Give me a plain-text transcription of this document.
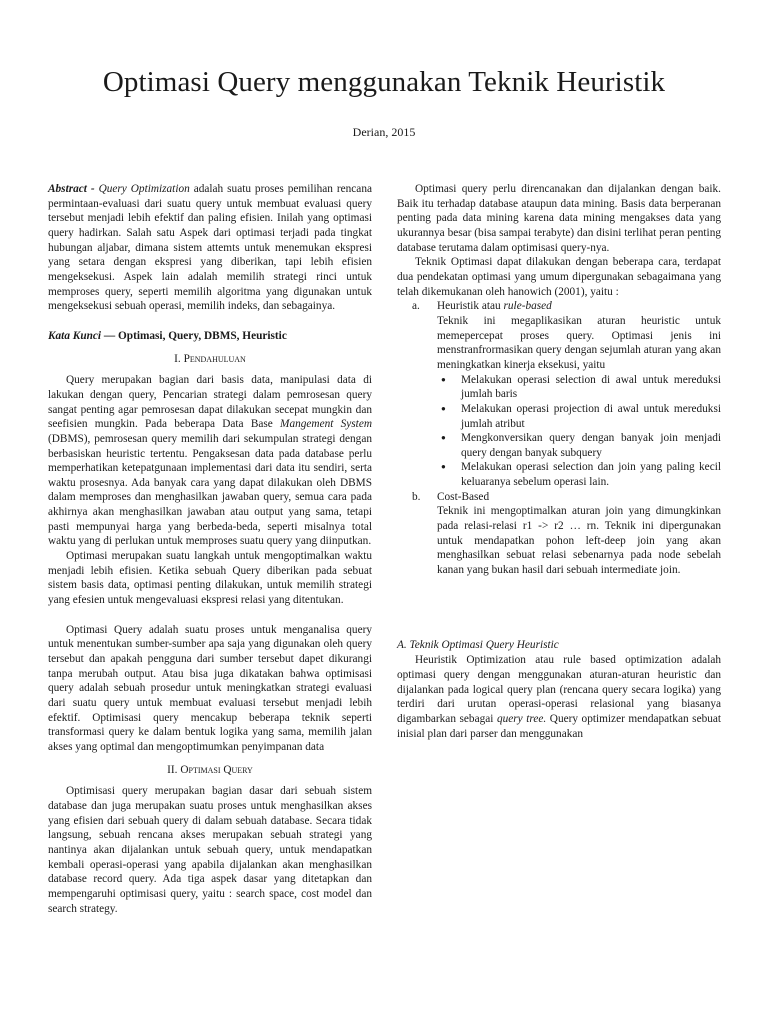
Optimasi Query menggunakan Teknik Heuristik
Derian, 2015

Abstract - Query Optimization adalah suatu proses pemilihan rencana permintaan-evaluasi dari suatu query untuk membuat evaluasi query tersebut menjadi lebih efektif dan paling efisien. Inilah yang optimasi query hadirkan. Salah satu Aspek dari optimasi terjadi pada tingkat hubungan aljabar, dimana sistem attemts untuk menemukan ekspresi yang setara dengan ekspresi yang diberikan, tapi lebih efisien mengeksekusi. Aspek lain adalah memilih strategi rinci untuk memproses query, seperti memilih algoritma yang digunakan untuk mengeksekusi sebuah operasi, memilih indeks, dan sebagainya.

Kata Kunci — Optimasi, Query, DBMS, Heuristic

I. Pendahuluan

Query merupakan bagian dari basis data, manipulasi data di lakukan dengan query, Pencarian strategi dalam pemrosesan query sangat penting agar pemrosesan dapat dilakukan secepat mungkin dan seefisien mungkin. Pada beberapa Data Base Mangement System (DBMS), pemrosesan query memilih dari sekumpulan strategi dengan berbasiskan heuristic tertentu. Pengaksesan data pada database perlu memperhatikan ketepatgunaan implementasi dari data itu sendiri, serta waktu prosesnya. Ada banyak cara yang dapat dilakukan oleh DBMS dalam memproses dan menghasilkan jawaban query, semua cara pada akhirnya akan menghasilkan jawaban atau output yang sama, tetapi pasti mempunyai harga yang berbeda-beda, seperti misalnya total waktu yang di perlukan untuk memproses suatu query yang diinputkan.

Optimasi merupakan suatu langkah untuk mengoptimalkan waktu menjadi lebih efisien. Ketika sebuah Query diberikan pada sebuat sistem basis data, optimasi penting dilakukan, untuk memilih strategi yang efesien untuk mengevaluasi ekspresi relasi yang ditentukan.

Optimasi Query adalah suatu proses untuk menganalisa query untuk menentukan sumber-sumber apa saja yang digunakan oleh query tersebut dan apakah pengguna dari sumber tersebut dapet dikurangi tanpa merubah output. Atau bisa juga dikatakan bahwa optimisasi query adalah sebuah prosedur untuk meningkatkan strategi evaluasi dari suatu query untuk membuat evaluasi tersebut menjadi lebih efektif. Optimisasi query mencakup beberapa teknik seperti transformasi query ke dalam bentuk logika yang sama, memilih jalan akses yang optimal dan mengoptimumkan penyimpanan data

II. Optimasi Query

Optimisasi query merupakan bagian dasar dari sebuah sistem database dan juga merupakan suatu proses untuk menghasilkan akses yang efisien dari sebuah query di dalam sebuah database. Secara tidak langsung, sebuah rencana akses merupakan sebuah strategi yang nantinya akan dijalankan untuk sebuah query, untuk mendapatkan kembali operasi-operasi yang apabila dijalankan akan menghasilkan database record query. Ada tiga aspek dasar yang ditetapkan dan mempengaruhi optimisasi query, yaitu : search space, cost model dan search strategy.

Optimasi query perlu direncanakan dan dijalankan dengan baik. Baik itu terhadap database ataupun data mining. Basis data berperanan penting pada data mining karena data mining mengakses data yang ukurannya besar (bisa sampai terabyte) dan disini terlihat peran penting database terutama dalam optimisasi query-nya.

Teknik Optimasi dapat dilakukan dengan beberapa cara, terdapat dua pendekatan optimasi yang umum dipergunakan sebagaimana yang telah dikemukanan oleh hanowich (2001), yaitu :

a. Heuristik atau rule-based

Teknik ini megaplikasikan aturan heuristic untuk memepercepat proses query. Optimasi jenis ini menstranfrormasikan query dengan sejumlah aturan yang akan meningkatkan kinerja eksekusi, yaitu

● Melakukan operasi selection di awal untuk mereduksi jumlah baris
● Melakukan operasi projection di awal untuk mereduksi jumlah atribut
● Mengkonversikan query dengan banyak join menjadi query dengan banyak subquery
● Melakukan operasi selection dan join yang paling kecil keluaranya sebelum operasi lain.
b. Cost-Based

Teknik ini mengoptimalkan aturan join yang dimungkinkan pada relasi-relasi r1 -> r2 … rn. Teknik ini dipergunakan untuk mendapatkan pohon left-deep join yang akan menghasilkan sebuat relasi sebenarnya pada node sebelah kanan yang bukan hasil dari sebuah intermediate join.

A. Teknik Optimasi Query Heuristic

Heuristik Optimization atau rule based optimization adalah optimasi query dengan menggunakan aturan-aturan heuristic dan dijalankan pada logical query plan (rencana query secara logika) yang terdiri dari urutan operasi-operasi relasional yang biasanya digambarkan sebagai query tree. Query optimizer mendapatkan sebuat inisial plan dari parser dan menggunakan
